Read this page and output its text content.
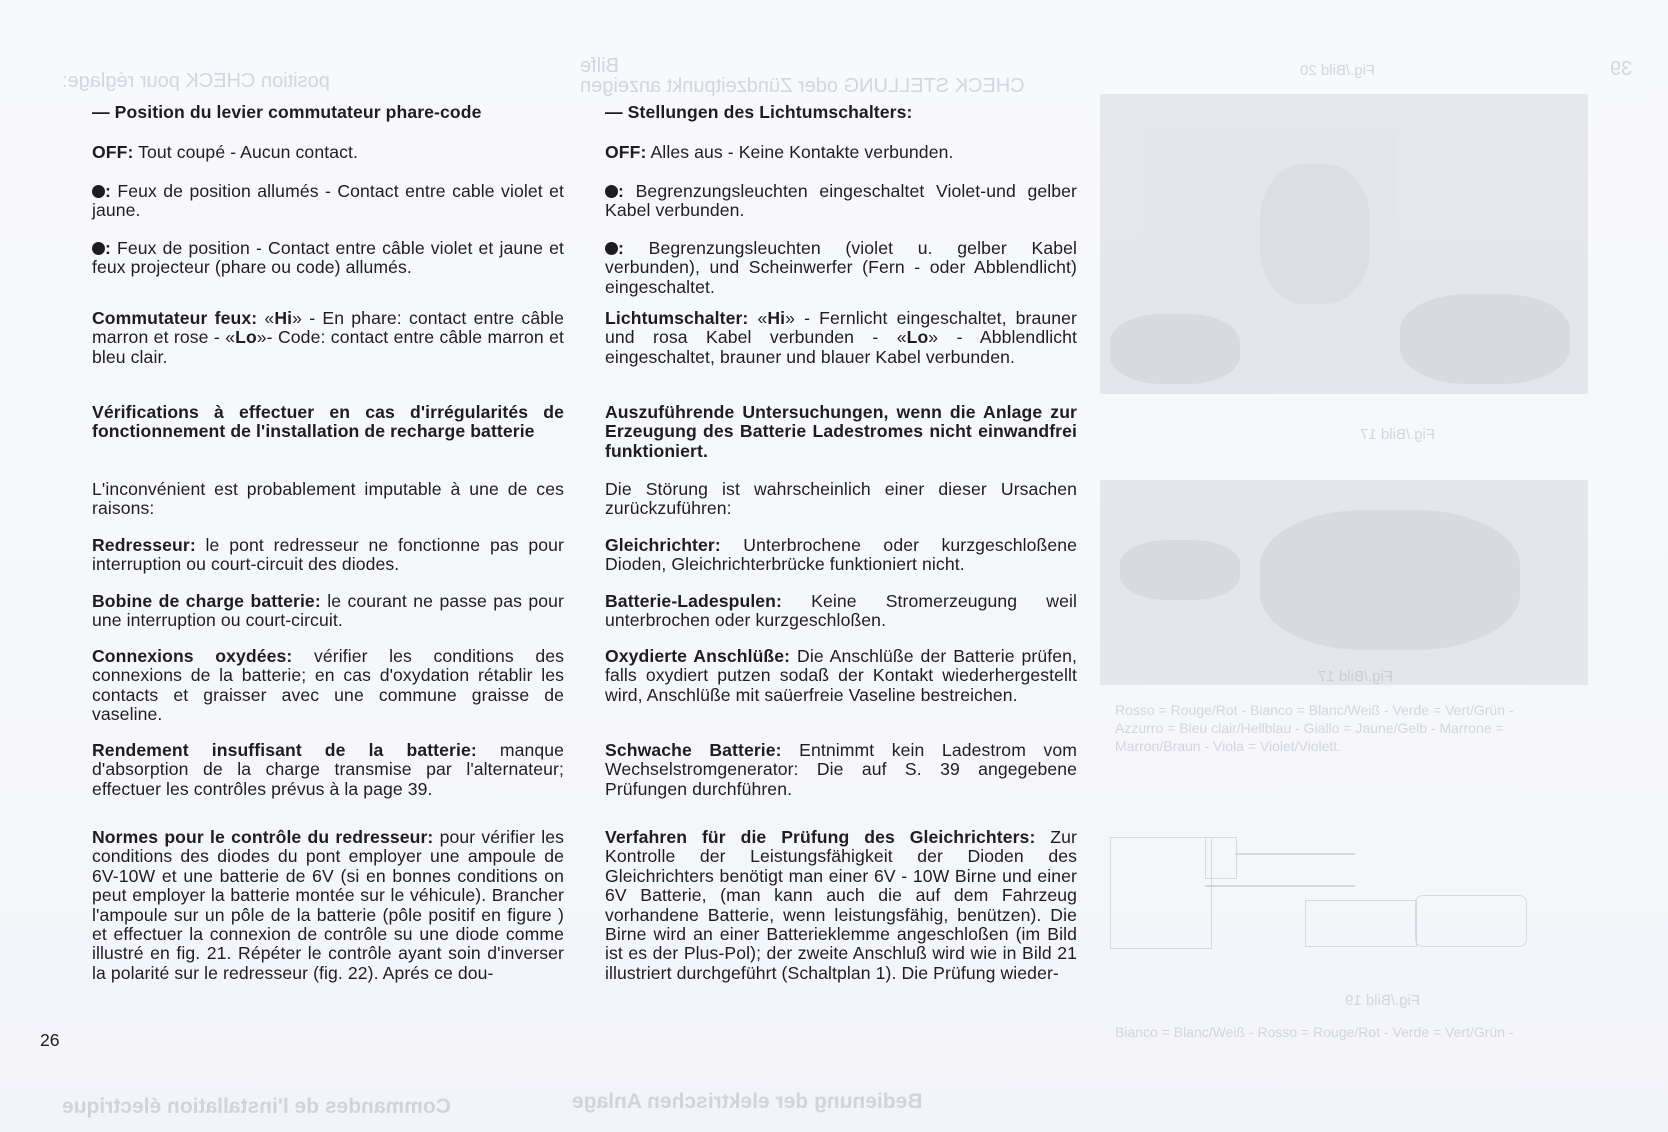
position CHECK pour réglage:
Bilfe
CHECK STELLUNG oder Zündzeitpunkt anzeigen
Fig./Bild 20	39
Fig./Bild 17
Fig./Bild 17
Rosso = Rouge/Rot - Bianco = Blanc/Weiß - Verde = Vert/Grün -
Azzurro = Bleu clair/Hellblau - Giallo = Jaune/Gelb - Marrone =
Marron/Braun - Viola = Violet/Violett.
Fig./Bild 19
Bianco = Blanc/Weiß - Rosso = Rouge/Rot - Verde = Vert/Grün -
Commandes de l'installation électrique	Bedienung der elektrischen Anlage

— Position du levier commutateur phare-code

OFF: Tout coupé - Aucun contact.

: Feux de position allumés - Contact entre cable violet et jaune.

: Feux de position - Contact entre câble violet et jaune et feux projecteur (phare ou code) allumés.

Commutateur feux: «Hi» - En phare: contact entre câble marron et rose - «Lo»- Code: contact entre câble marron et bleu clair.

Vérifications à effectuer en cas d'irrégularités de fonctionnement de l'installation de recharge batterie

L'inconvénient est probablement imputable à une de ces raisons:

Redresseur: le pont redresseur ne fonctionne pas pour interruption ou court-circuit des diodes.

Bobine de charge batterie: le courant ne passe pas pour une interruption ou court-circuit.

Connexions oxydées: vérifier les conditions des connexions de la batterie; en cas d'oxydation rétablir les contacts et graisser avec une commune graisse de vaseline.

Rendement insuffisant de la batterie: manque d'absorption de la charge transmise par l'alternateur; effectuer les contrôles prévus à la page 39.

Normes pour le contrôle du redresseur: pour vérifier les conditions des diodes du pont employer une ampoule de 6V-10W et une batterie de 6V (si en bonnes conditions on peut employer la batterie montée sur le véhicule). Brancher l'ampoule sur un pôle de la batterie (pôle positif en figure ) et effectuer la connexion de contrôle su une diode comme illustré en fig. 21. Répéter le contrôle ayant soin d'inverser la polarité sur le redresseur (fig. 22). Aprés ce dou-

— Stellungen des Lichtumschalters:

OFF: Alles aus - Keine Kontakte verbunden.

: Begrenzungsleuchten eingeschaltet Violet-und gelber Kabel verbunden.

: Begrenzungsleuchten (violet u. gelber Kabel verbunden), und Scheinwerfer (Fern - oder Abblendlicht) eingeschaltet.

Lichtumschalter: «Hi» - Fernlicht eingeschaltet, brauner und rosa Kabel verbunden - «Lo» - Abblendlicht eingeschaltet, brauner und blauer Kabel verbunden.

Auszuführende Untersuchungen, wenn die Anlage zur Erzeugung des Batterie Ladestromes nicht einwandfrei funktioniert.

Die Störung ist wahrscheinlich einer dieser Ursachen zurückzuführen:

Gleichrichter: Unterbrochene oder kurzgeschloßene Dioden, Gleichrichterbrücke funktioniert nicht.

Batterie-Ladespulen: Keine Stromerzeugung weil unterbrochen oder kurzgeschloßen.

Oxydierte Anschlüße: Die Anschlüße der Batterie prüfen, falls oxydiert putzen sodaß der Kontakt wiederhergestellt wird, Anschlüße mit saüerfreie Vaseline bestreichen.

Schwache Batterie: Entnimmt kein Ladestrom vom Wechselstromgenerator: Die auf S. 39 angegebene Prüfungen durchführen.

Verfahren für die Prüfung des Gleichrichters: Zur Kontrolle der Leistungsfähigkeit der Dioden des Gleichrichters benötigt man einer 6V - 10W Birne und einer 6V Batterie, (man kann auch die auf dem Fahrzeug vorhandene Batterie, wenn leistungsfähig, benützen). Die Birne wird an einer Batterieklemme angeschloßen (im Bild ist es der Plus-Pol); der zweite Anschluß wird wie in Bild 21 illustriert durchgeführt (Schaltplan 1). Die Prüfung wieder-

26
